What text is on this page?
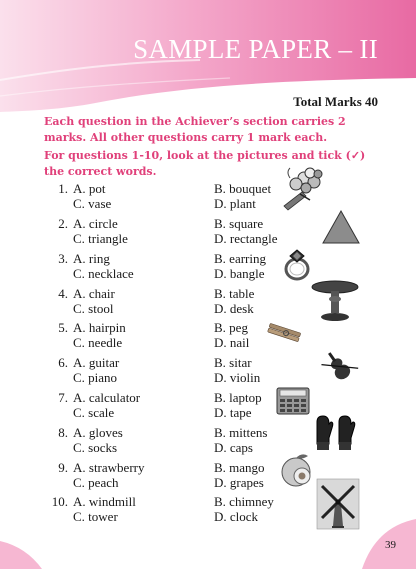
SAMPLE PAPER – II

Total Marks 40

Each question in the Achiever’s section carries 2 marks. All other questions carry 1 mark each.

For questions 1-10, look at the pictures and tick (✓) the correct words.

1. A. pot
C. vase
B. bouquet
D. plant
2. A. circle
C. triangle
B. square
D. rectangle
3. A. ring
C. necklace
B. earring
D. bangle
4. A. chair
C. stool
B. table
D. desk
5. A. hairpin
C. needle
B. peg
D. nail
6. A. guitar
C. piano
B. sitar
D. violin
7. A. calculator
C. scale
B. laptop
D. tape
8. A. gloves
C. socks
B. mittens
D. caps
9. A. strawberry
C. peach
B. mango
D. grapes
10. A. windmill
C. tower
B. chimney
D. clock

39
